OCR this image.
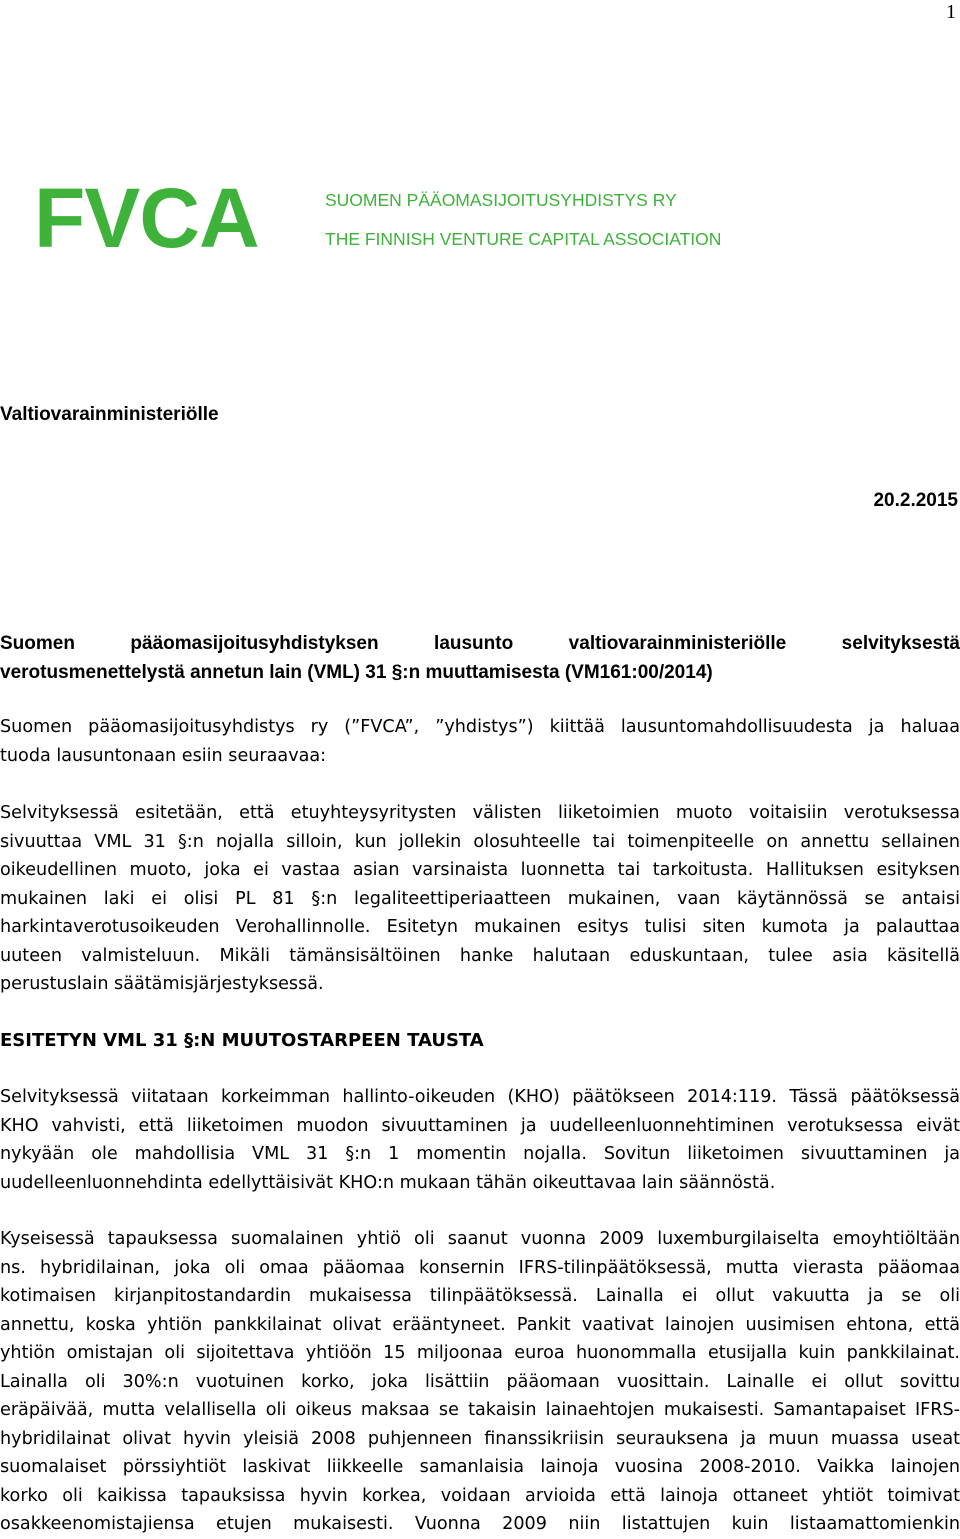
1
FVCA	SUOMEN PÄÄOMASIJOITUSYHDISTYS RY
THE FINNISH VENTURE CAPITAL ASSOCIATION
Valtiovarainministeriölle
20.2.2015
Suomen pääomasijoitusyhdistyksen lausunto valtiovarainministeriölle selvityksestä
verotusmenettelystä annetun lain (VML) 31 §:n muuttamisesta (VM161:00/2014)
Suomen pääomasijoitusyhdistys ry (”FVCA”, ”yhdistys”) kiittää lausuntomahdollisuudesta ja haluaa
tuoda lausuntonaan esiin seuraavaa:
Selvityksessä esitetään, että etuyhteysyritysten välisten liiketoimien muoto voitaisiin verotuksessa
sivuuttaa VML 31 §:n nojalla silloin, kun jollekin olosuhteelle tai toimenpiteelle on annettu sellainen
oikeudellinen muoto, joka ei vastaa asian varsinaista luonnetta tai tarkoitusta. Hallituksen esityksen
mukainen laki ei olisi PL 81 §:n legaliteettiperiaatteen mukainen, vaan käytännössä se antaisi
harkintaverotusoikeuden Verohallinnolle. Esitetyn mukainen esitys tulisi siten kumota ja palauttaa
uuteen valmisteluun. Mikäli tämänsisältöinen hanke halutaan eduskuntaan, tulee asia käsitellä
perustuslain säätämisjärjestyksessä.
ESITETYN VML 31 §:N MUUTOSTARPEEN TAUSTA
Selvityksessä viitataan korkeimman hallinto-oikeuden (KHO) päätökseen 2014:119. Tässä päätöksessä
KHO vahvisti, että liiketoimen muodon sivuuttaminen ja uudelleenluonnehtiminen verotuksessa eivät
nykyään ole mahdollisia VML 31 §:n 1 momentin nojalla. Sovitun liiketoimen sivuuttaminen ja
uudelleenluonnehdinta edellyttäisivät KHO:n mukaan tähän oikeuttavaa lain säännöstä.
Kyseisessä tapauksessa suomalainen yhtiö oli saanut vuonna 2009 luxemburgilaiselta emoyhtiöltään
ns. hybridilainan, joka oli omaa pääomaa konsernin IFRS-tilinpäätöksessä, mutta vierasta pääomaa
kotimaisen kirjanpitostandardin mukaisessa tilinpäätöksessä. Lainalla ei ollut vakuutta ja se oli
annettu, koska yhtiön pankkilainat olivat erääntyneet. Pankit vaativat lainojen uusimisen ehtona, että
yhtiön omistajan oli sijoitettava yhtiöön 15 miljoonaa euroa huonommalla etusijalla kuin pankkilainat.
Lainalla oli 30%:n vuotuinen korko, joka lisättiin pääomaan vuosittain. Lainalle ei ollut sovittu
eräpäivää, mutta velallisella oli oikeus maksaa se takaisin lainaehtojen mukaisesti. Samantapaiset IFRS-
hybridilainat olivat hyvin yleisiä 2008 puhjenneen finanssikriisin seurauksena ja muun muassa useat
suomalaiset pörssiyhtiöt laskivat liikkeelle samanlaisia lainoja vuosina 2008-2010. Vaikka lainojen
korko oli kaikissa tapauksissa hyvin korkea, voidaan arvioida että lainoja ottaneet yhtiöt toimivat
osakkeenomistajiensa etujen mukaisesti. Vuonna 2009 niin listattujen kuin listaamattomienkin
